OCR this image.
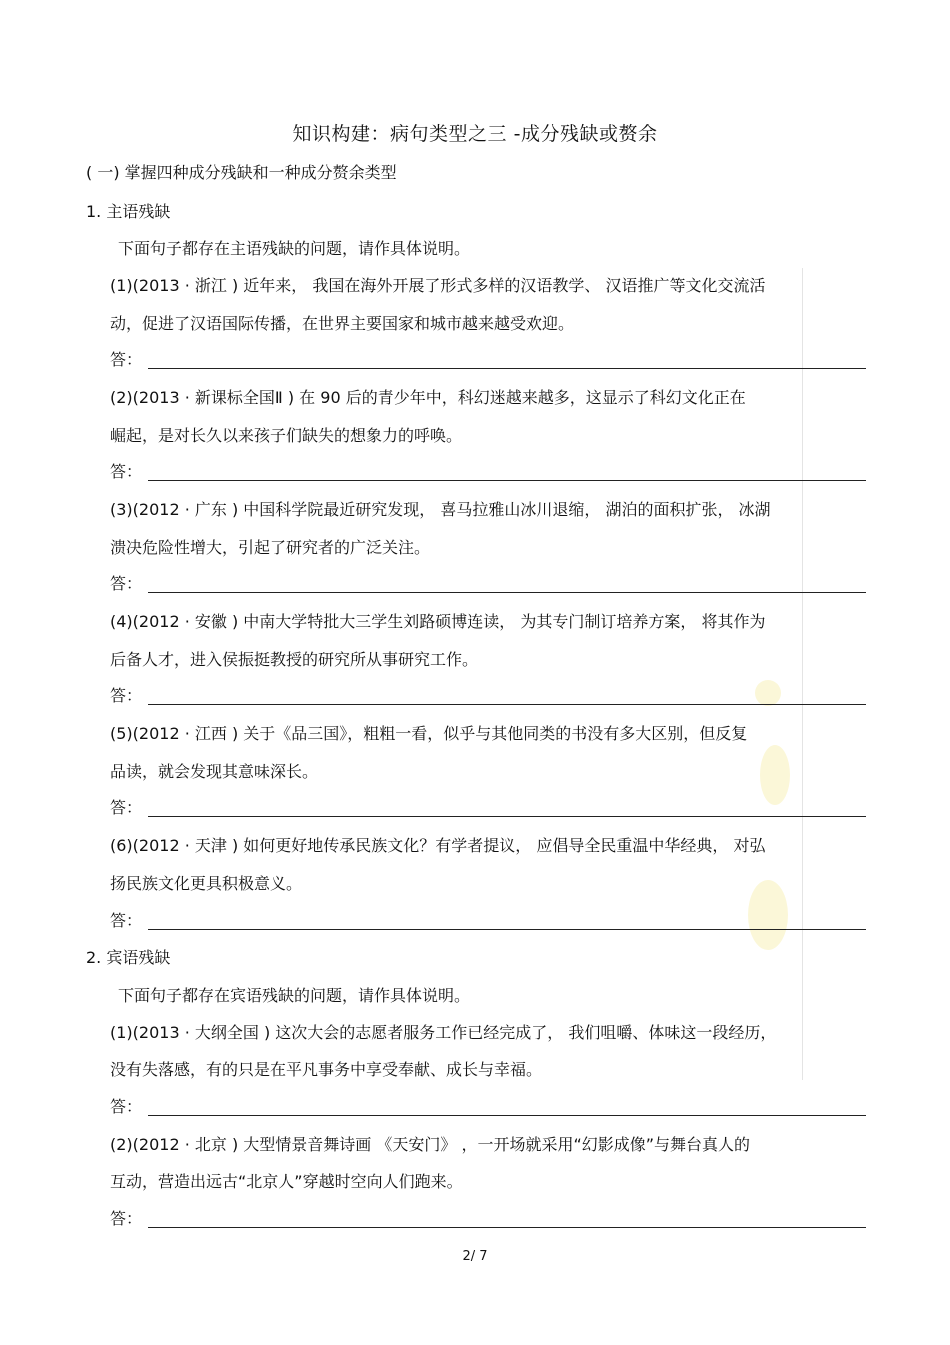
知识构建：病句类型之三 -成分残缺或赘余
( 一) 掌握四种成分残缺和一种成分赘余类型
1. 主语残缺
下面句子都存在主语残缺的问题，请作具体说明。
(1)(2013 · 浙江 ) 近年来， 我国在海外开展了形式多样的汉语教学、 汉语推广等文化交流活
动，促进了汉语国际传播，在世界主要国家和城市越来越受欢迎。
答：
(2)(2013 · 新课标全国Ⅱ ) 在 90 后的青少年中，科幻迷越来越多，这显示了科幻文化正在
崛起，是对长久以来孩子们缺失的想象力的呼唤。
答：
(3)(2012 · 广东 ) 中国科学院最近研究发现， 喜马拉雅山冰川退缩， 湖泊的面积扩张， 冰湖
溃决危险性增大，引起了研究者的广泛关注。
答：
(4)(2012 · 安徽 ) 中南大学特批大三学生刘路硕博连读， 为其专门制订培养方案， 将其作为
后备人才，进入侯振挺教授的研究所从事研究工作。
答：
(5)(2012 · 江西 ) 关于《品三国》，粗粗一看，似乎与其他同类的书没有多大区别，但反复
品读，就会发现其意味深长。
答：
(6)(2012 · 天津 ) 如何更好地传承民族文化？有学者提议， 应倡导全民重温中华经典， 对弘
扬民族文化更具积极意义。
答：
2. 宾语残缺
下面句子都存在宾语残缺的问题，请作具体说明。
(1)(2013 · 大纲全国 ) 这次大会的志愿者服务工作已经完成了， 我们咀嚼、体味这一段经历，
没有失落感，有的只是在平凡事务中享受奉献、成长与幸福。
答：
(2)(2012 · 北京 ) 大型情景音舞诗画 《天安门》 ，一开场就采用“幻影成像”与舞台真人的
互动，营造出远古“北京人”穿越时空向人们跑来。
答：
2/ 7
